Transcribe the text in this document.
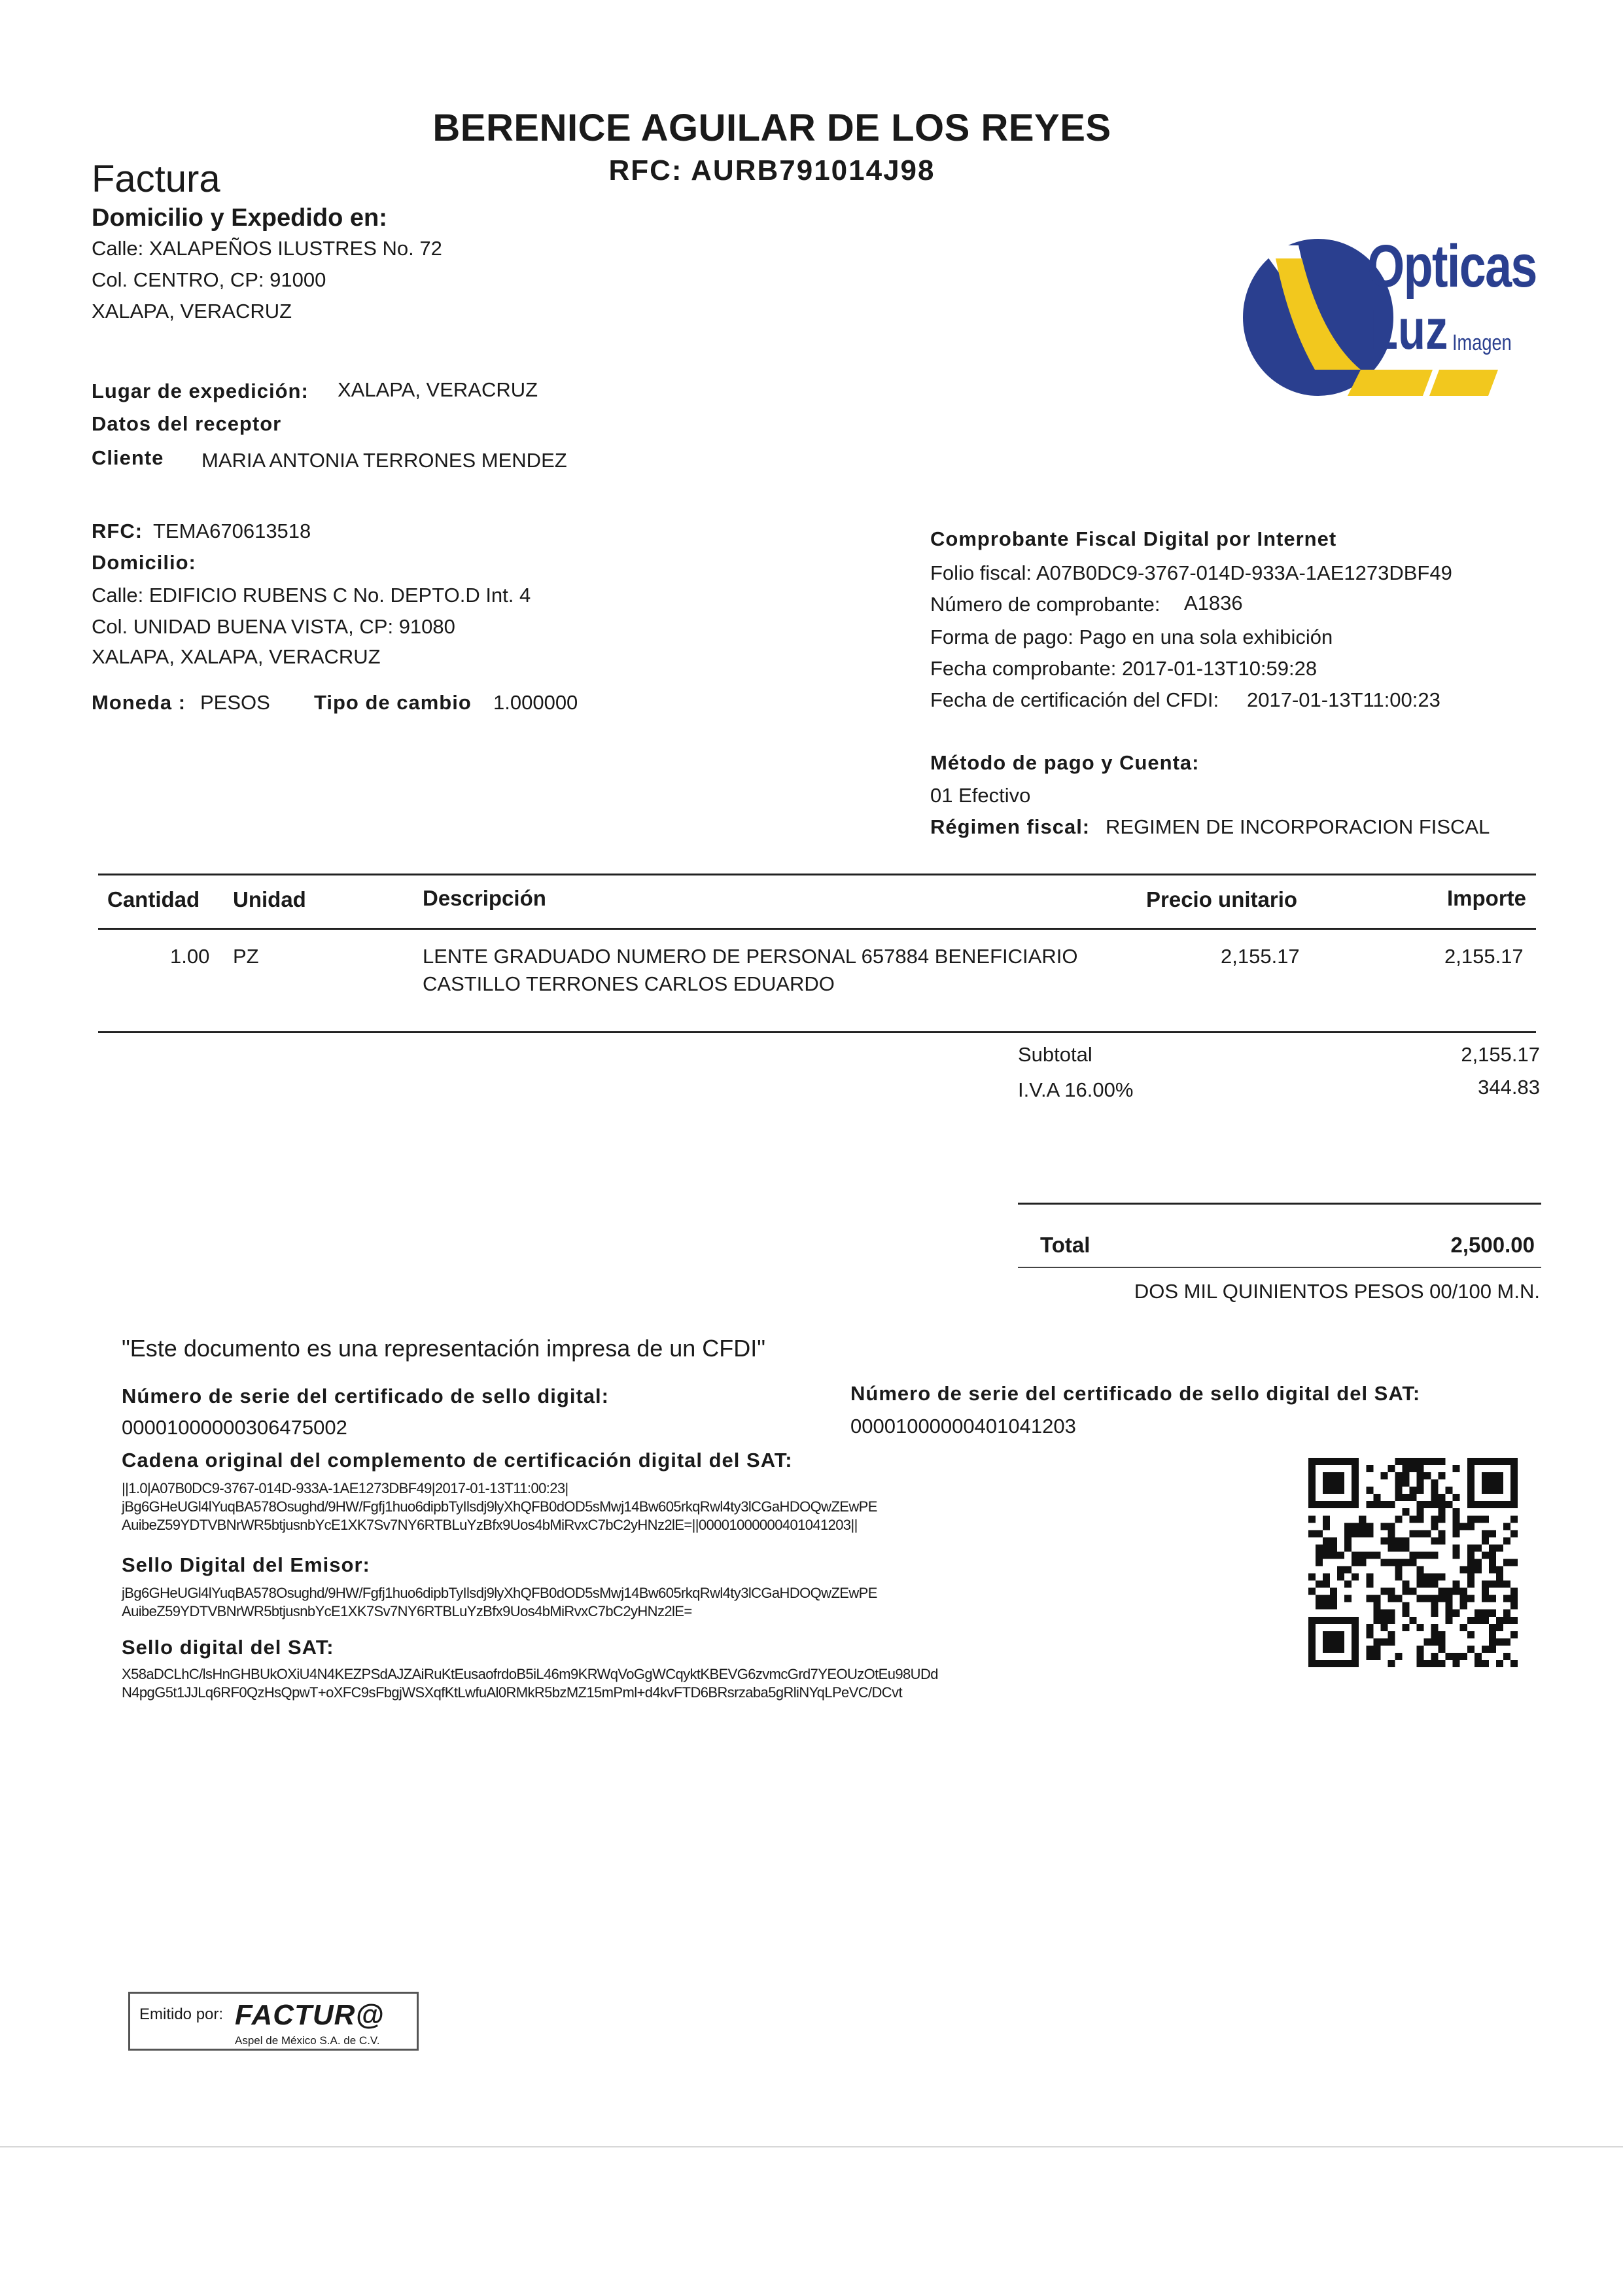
BERENICE AGUILAR DE LOS REYES
RFC: AURB791014J98
Factura
Domicilio y Expedido en:
Calle: XALAPEÑOS ILUSTRES No. 72
Col. CENTRO, CP: 91000
XALAPA, VERACRUZ
Opticas
Luz Imagen
Lugar de expedición: XALAPA, VERACRUZ
Datos del receptor
Cliente MARIA ANTONIA TERRONES MENDEZ
RFC: TEMA670613518
Domicilio:
Calle: EDIFICIO RUBENS C No. DEPTO.D Int. 4
Col. UNIDAD BUENA VISTA, CP: 91080
XALAPA, XALAPA, VERACRUZ
Moneda : PESOS Tipo de cambio 1.000000
Comprobante Fiscal Digital por Internet
Folio fiscal: A07B0DC9-3767-014D-933A-1AE1273DBF49
Número de comprobante: A1836
Forma de pago: Pago en una sola exhibición
Fecha comprobante: 2017-01-13T10:59:28
Fecha de certificación del CFDI: 2017-01-13T11:00:23
Método de pago y Cuenta:
01 Efectivo
Régimen fiscal: REGIMEN DE INCORPORACION FISCAL
Cantidad Unidad	Descripción	Precio unitario	Importe
1.00 PZ	LENTE GRADUADO NUMERO DE PERSONAL 657884 BENEFICIARIO
CASTILLO TERRONES CARLOS EDUARDO
2,155.17	2,155.17
Subtotal	2,155.17
I.V.A 16.00%	344.83
Total	2,500.00
DOS MIL QUINIENTOS PESOS 00/100 M.N.
"Este documento es una representación impresa de un CFDI"
Número de serie del certificado de sello digital:
00001000000306475002
Número de serie del certificado de sello digital del SAT:
00001000000401041203
Cadena original del complemento de certificación digital del SAT:
||1.0|A07B0DC9-3767-014D-933A-1AE1273DBF49|2017-01-13T11:00:23|
jBg6GHeUGl4lYuqBA578Osughd/9HW/Fgfj1huo6dipbTyIlsdj9lyXhQFB0dOD5sMwj14Bw605rkqRwl4ty3lCGaHDOQwZEwPE
AuibeZ59YDTVBNrWR5btjusnbYcE1XK7Sv7NY6RTBLuYzBfx9Uos4bMiRvxC7bC2yHNz2lE=||00001000000401041203||
Sello Digital del Emisor:
jBg6GHeUGl4lYuqBA578Osughd/9HW/Fgfj1huo6dipbTyIlsdj9lyXhQFB0dOD5sMwj14Bw605rkqRwl4ty3lCGaHDOQwZEwPE
AuibeZ59YDTVBNrWR5btjusnbYcE1XK7Sv7NY6RTBLuYzBfx9Uos4bMiRvxC7bC2yHNz2lE=
Sello digital del SAT:
X58aDCLhC/lsHnGHBUkOXiU4N4KEZPSdAJZAiRuKtEusaofrdoB5iL46m9KRWqVoGgWCqyktKBEVG6zvmcGrd7YEOUzOtEu98UDd
N4pgG5t1JJLq6RF0QzHsQpwT+oXFC9sFbgjWSXqfKtLwfuAl0RMkR5bzMZ15mPml+d4kvFTD6BRsrzaba5gRliNYqLPeVC/DCvt
Emitido por: FACTUR@
Aspel de México S.A. de C.V.
